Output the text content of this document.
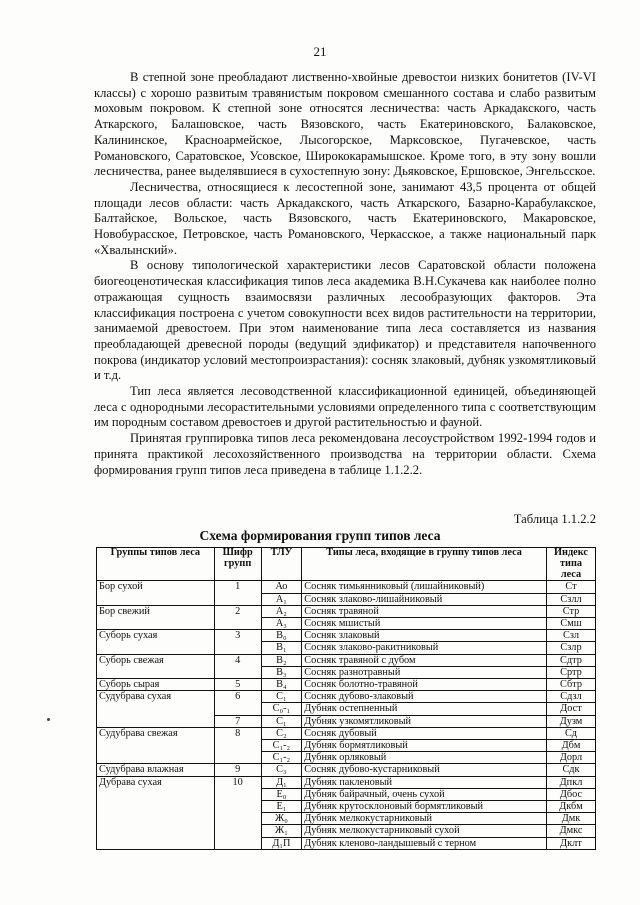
21

В степной зоне преобладают лиственно-хвойные древостои низких бонитетов (IV-VI классы) с хорошо развитым травянистым покровом смешанного состава и слабо развитым моховым покровом. К степной зоне относятся лесничества: часть Аркадакского, часть Аткарского, Балашовское, часть Вязовского, часть Екатериновского, Балаковское, Калининское, Красноармейское, Лысогорское, Марксовское, Пугачевское, часть Романовского, Саратовское, Усовское, Ширококарамышское. Кроме того, в эту зону вошли лесничества, ранее выделявшиеся в сухостепную зону: Дьяковское, Ершовское, Энгельсское.

Лесничества, относящиеся к лесостепной зоне, занимают 43,5 процента от общей площади лесов области: часть Аркадакского, часть Аткарского, Базарно-Карабулакское, Балтайское, Вольское, часть Вязовского, часть Екатериновского, Макаровское, Новобурасское, Петровское, часть Романовского, Черкасское, а также национальный парк «Хвалынский».

В основу типологической характеристики лесов Саратовской области положена биогеоценотическая классификация типов леса академика В.Н.Сукачева как наиболее полно отражающая сущность взаимосвязи различных лесообразующих факторов. Эта классификация построена с учетом совокупности всех видов растительности на территории, занимаемой древостоем. При этом наименование типа леса составляется из названия преобладающей древесной породы (ведущий эдификатор) и представителя напочвенного покрова (индикатор условий местопроизрастания): сосняк злаковый, дубняк узкомятликовый и т.д.

Тип леса является лесоводственной классификационной единицей, объединяющей леса с однородными лесорастительными условиями определенного типа с соответствующим им породным составом древостоев и другой растительностью и фауной.

Принятая группировка типов леса рекомендована лесоустройством 1992-1994 годов и принята практикой лесохозяйственного производства на территории области. Схема формирования групп типов леса приведена в таблице 1.1.2.2.

Таблица 1.1.2.2
Схема формирования групп типов леса
Группы типов леса	Шифр групп	ТЛУ	Типы леса, входящие в группу типов леса	Индекс типа леса
Бор сухой	1	Ао	Сосняк тимьянниковый (лишайниковый)	Ст
		А₁	Сосняк злаково-лишайниковый	Сзлл
Бор свежий	2	А₂	Сосняк травяной	Стр
		А₃	Сосняк мшистый	Смш
Суборь сухая	3	В₀	Сосняк злаковый	Сзл
		В₁	Сосняк злаково-ракитниковый	Сзлр
Суборь свежая	4	В₂	Сосняк травяной с дубом	Сдтр
		В₃	Сосняк разнотравный	Сртр
Суборь сырая	5	В₄	Сосняк болотно-травяной	Сбтр
Судубрава сухая	6	С₁	Сосняк дубово-злаковый	Сдзл
		С₀-₁	Дубняк остепненный	Дост
	7	С₁	Дубняк узкомятликовый	Дузм
Судубрава свежая	8	С₂	Сосняк дубовый	Сд
		С₁-₂	Дубняк бормятликовый	Дбм
		С₁-₂	Дубняк орляковый	Дорл
Судубрава влажная	9	С₃	Сосняк дубово-кустарниковый	Сдк
Дубрава сухая	10	Д₁	Дубняк пакленовый	Дпкл
		Е₀	Дубняк байрачный, очень сухой	Дбос
		Е₁	Дубняк крутосклоновый бормятликовый	Дкбм
		Ж₀	Дубняк мелкокустарниковый	Дмк
		Ж₁	Дубняк мелкокустарниковый сухой	Дмкс
		Д₁П	Дубняк кленово-ландышевый с терном	Дклт
